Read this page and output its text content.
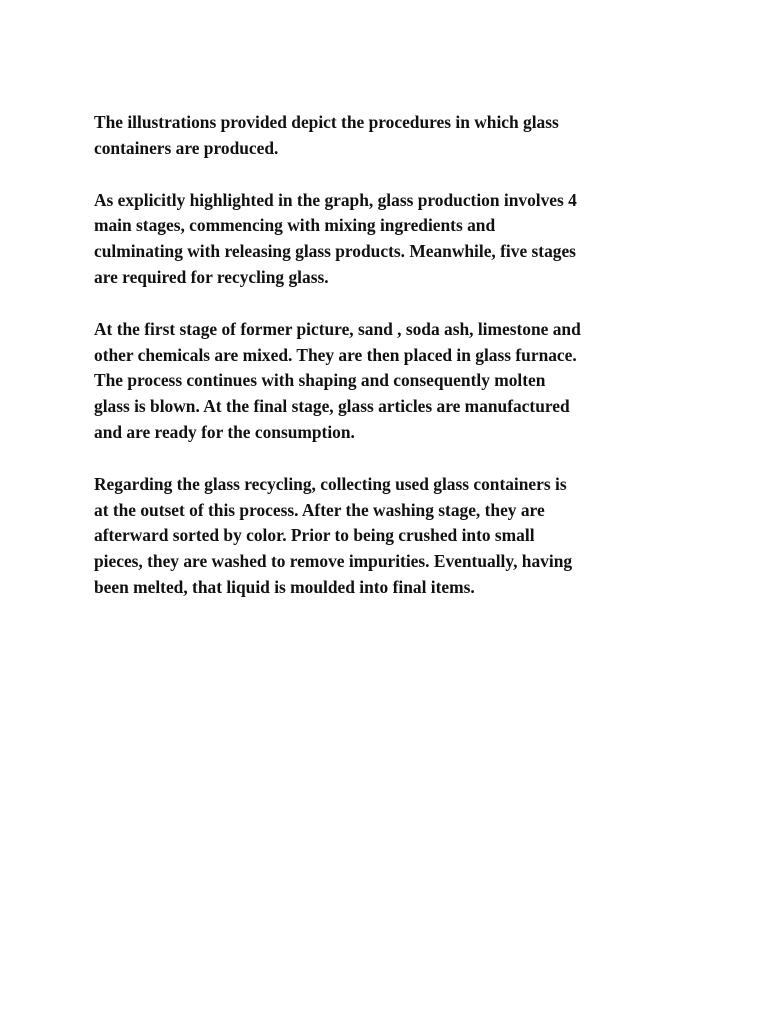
The illustrations provided depict the procedures in which glass
containers are produced.

As explicitly highlighted in the graph, glass production involves 4
main stages, commencing with mixing ingredients and
culminating with releasing glass products. Meanwhile, five stages
are required for recycling glass.

At the first stage of former picture, sand , soda ash, limestone and
other chemicals are mixed. They are then placed in glass furnace.
The process continues with shaping and consequently molten
glass is blown. At the final stage, glass articles are manufactured
and are ready for the consumption.

Regarding the glass recycling, collecting used glass containers is
at the outset of this process. After the washing stage, they are
afterward sorted by color. Prior to being crushed into small
pieces, they are washed to remove impurities. Eventually, having
been melted, that liquid is moulded into final items.
